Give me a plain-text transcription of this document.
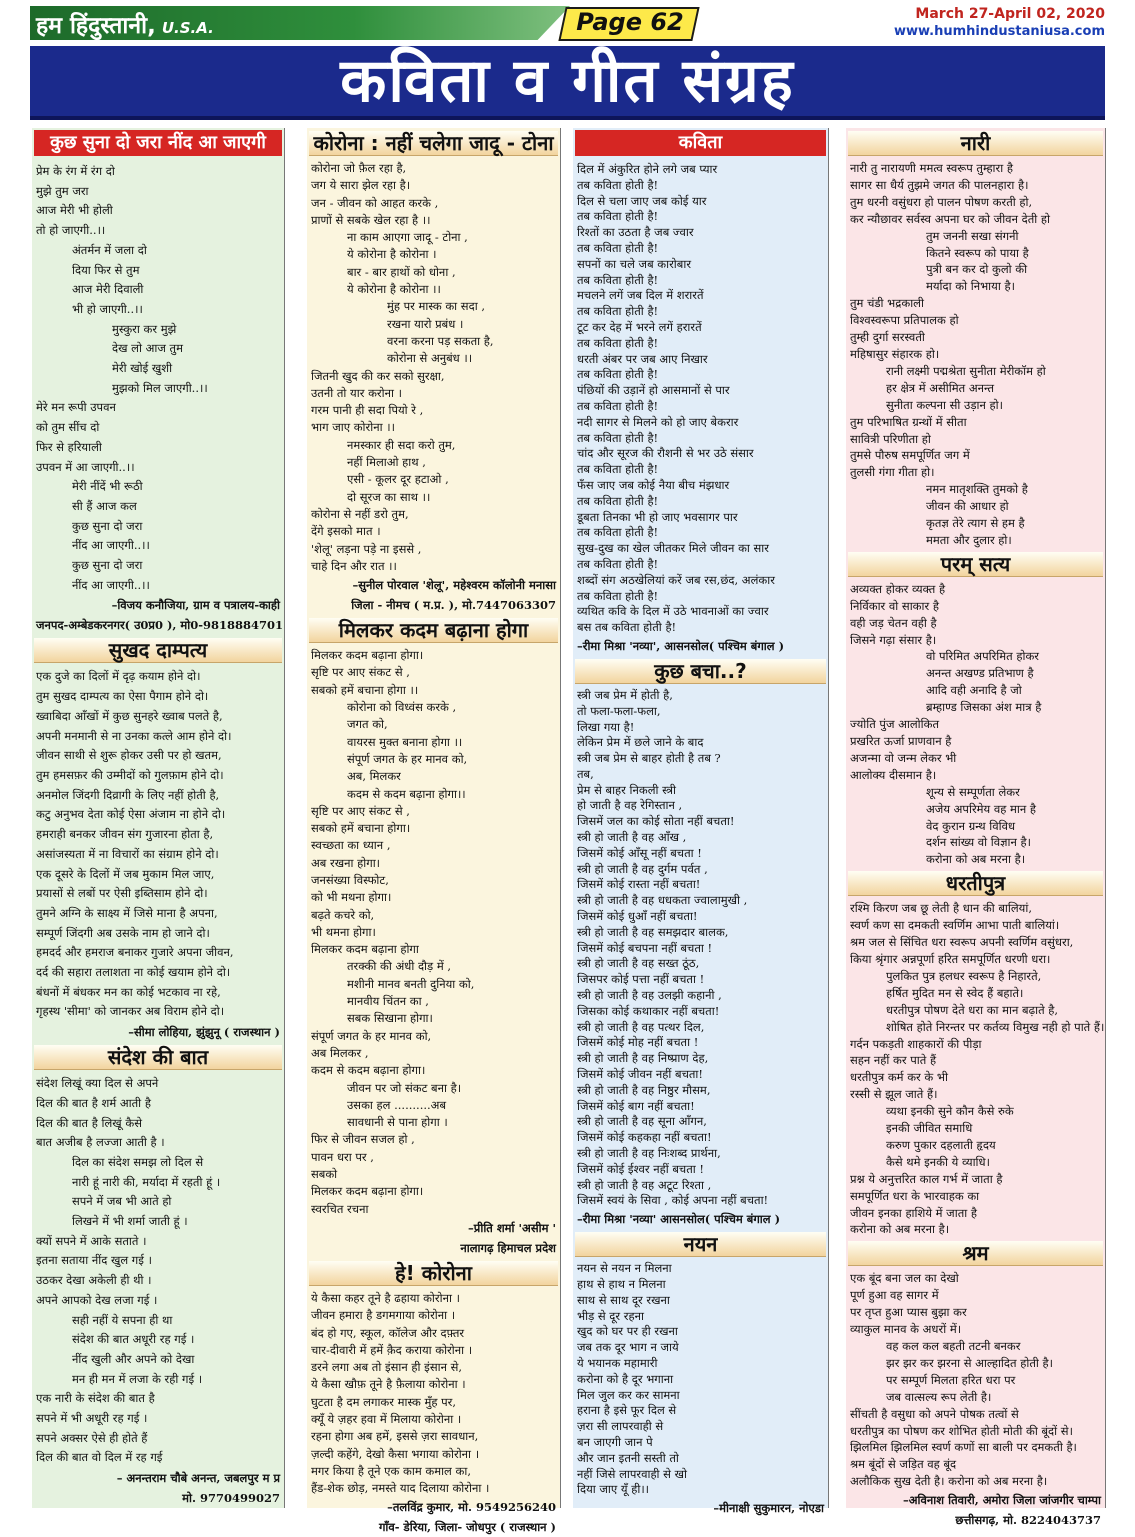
हम हिंदुस्तानी, U.S.A.	Page 62	March 27-April 02, 2020
www.humhindustaniusa.com
कविता व गीत संग्रह
कुछ सुना दो जरा नींद आ जाएगी
प्रेम के रंग में रंग दो
मुझे तुम जरा
आज मेरी भी होली
तो हो जाएगी..।।
अंतर्मन में जला दो
दिया फिर से तुम
आज मेरी दिवाली
भी हो जाएगी..।।
मुस्कुरा कर मुझे
देख लो आज तुम
मेरी खोई खुशी
मुझको मिल जाएगी..।।
मेरे मन रूपी उपवन
को तुम सींच दो
फिर से हरियाली
उपवन में आ जाएगी..।।
मेरी नींदें भी रूठी
सी हैं आज कल
कुछ सुना दो जरा
नींद आ जाएगी..।।
कुछ सुना दो जरा
नींद आ जाएगी..।।
–विजय कनौजिया, ग्राम व पत्रालय-काही
जनपद-अम्बेडकरनगर( उ0प्र0 ), मो0-9818884701
सुखद दाम्पत्य
एक दुजे का दिलों में दृढ़ कयाम होने दो।
तुम सुखद दाम्पत्य का ऐसा पैगाम होने दो।
ख्वाबिदा आँखों में कुछ सुनहरे ख्वाब पलते है,
अपनी मनमानी से ना उनका कत्ले आम होने दो।
जीवन साथी से शुरू होकर उसी पर हो खतम,
तुम हमसफ़र की उम्मीदों को गुलफ़ाम होने दो।
अनमोल जिंदगी दिव्रागी के लिए नहीं होती है,
कटु अनुभव देता कोई ऐसा अंजाम ना होने दो।
हमराही बनकर जीवन संग गुजारना होता है,
असांजस्यता में ना विचारों का संग्राम होने दो।
एक दूसरे के दिलों में जब मुकाम मिल जाए,
प्रयासों से लबों पर ऐसी इब्तिसाम होने दो।
तुमने अग्नि के साक्ष्य में जिसे माना है अपना,
सम्पूर्ण जिंदगी अब उसके नाम हो जाने दो।
हमदर्द और हमराज बनाकर गुजारे अपना जीवन,
दर्द की सहारा तलाशता ना कोई खयाम होने दो।
बंधनों में बंधकर मन का कोई भटकाव ना रहे,
गृहस्थ 'सीमा' को जानकर अब विराम होने दो।
–सीमा लोहिया, झुंझुनू ( राजस्थान )
संदेश की बात
संदेश लिखूं क्या दिल से अपने
दिल की बात है शर्म आती है
दिल की बात है लिखूं कैसे
बात अजीब है लज्जा आती है ।
दिल का संदेश समझ लो दिल से
नारी हूं नारी की, मर्यादा में रहती हूं ।
सपने में जब भी आते हो
लिखने में भी शर्मा जाती हूं ।
क्यों सपने में आके सताते ।
इतना सताया नींद खुल गई ।
उठकर देखा अकेली ही थी ।
अपने आपको देख लजा गई ।
सही नहीं ये सपना ही था
संदेश की बात अधूरी रह गई ।
नींद खुली और अपने को देखा
मन ही मन में लजा के रही गई ।
एक नारी के संदेश की बात है
सपने में भी अधूरी रह गई ।
सपने अक्सर ऐसे ही होते हैं
दिल की बात वो दिल में रह गई
– अनन्तराम चौबे अनन्त, जबलपुर म प्र
मो. 9770499027
कोरोना : नहीं चलेगा जादू - टोना
कोरोना जो फ़ैल रहा है,
जग ये सारा झेल रहा है।
जन - जीवन को आहत करके ,
प्राणों से सबके खेल रहा है ।।
ना काम आएगा जादू - टोना ,
ये कोरोना है कोरोना ।
बार - बार हाथों को धोना ,
ये कोरोना है कोरोना ।।
मुंह पर मास्क का सदा ,
रखना यारो प्रबंध ।
वरना करना पड़ सकता है,
कोरोना से अनुबंध ।।
जितनी खुद की कर सको सुरक्षा,
उतनी तो यार करोना ।
गरम पानी ही सदा पियो रे ,
भाग जाए कोरोना ।।
नमस्कार ही सदा करो तुम,
नहीं मिलाओ हाथ ,
एसी - कूलर दूर हटाओ ,
दो सूरज का साथ ।।
कोरोना से नहीं डरो तुम,
देंगे इसको मात ।
'शेलू' लड़ना पड़े ना इससे ,
चाहे दिन और रात ।।
–सुनील पोरवाल 'शेलू', महेश्वरम कॉलोनी मनासा
जिला - नीमच ( म.प्र. ), मो.7447063307
मिलकर कदम बढ़ाना होगा
मिलकर कदम बढ़ाना होगा।
सृष्टि पर आए संकट से ,
सबको हमें बचाना होगा ।।
कोरोना को विध्वंस करके ,
जगत को,
वायरस मुक्त बनाना होगा ।।
संपूर्ण जगत के हर मानव को,
अब, मिलकर
कदम से कदम बढ़ाना होगा।।
सृष्टि पर आए संकट से ,
सबको हमें बचाना होगा।
स्वच्छता का ध्यान ,
अब रखना होगा।
जनसंख्या विस्फोट,
को भी मथना होगा।
बढ़ते कचरे को,
भी थमना होगा।
मिलकर कदम बढ़ाना होगा
तरक्की की अंधी दौड़ में ,
मशीनी मानव बनती दुनिया को,
मानवीय चिंतन का ,
सबक सिखाना होगा।
संपूर्ण जगत के हर मानव को,
अब मिलकर ,
कदम से कदम बढ़ाना होगा।
जीवन पर जो संकट बना है।
उसका हल ..........अब
सावधानी से पाना होगा ।
फिर से जीवन सजल हो ,
पावन धरा पर ,
सबको
मिलकर कदम बढ़ाना होगा।
स्वरचित रचना
–प्रीति शर्मा 'असीम '
नालागढ़ हिमाचल प्रदेश
हे! कोरोना
ये कैसा कहर तूने है ढहाया कोरोना ।
जीवन हमारा है डगमगाया कोरोना ।
बंद हो गए, स्कूल, कॉलेज और दफ़्तर
चार-दीवारी में हमें क़ैद कराया कोरोना ।
डरने लगा अब तो इंसान ही इंसान से,
ये कैसा खौफ़ तूने है फ़ैलाया कोरोना ।
घुटता है दम लगाकर मास्क मुँह पर,
क्यूँ ये ज़हर हवा में मिलाया कोरोना ।
रहना होगा अब हमें, इससे ज़रा सावधान,
ज़ल्दी कहेंगे, देखो कैसा भगाया कोरोना ।
मगर किया है तूने एक काम कमाल का,
हैंड-शेक छोड़, नमस्ते याद दिलाया कोरोना ।
–तलविंद्र कुमार, मो. 9549256240
गाँव- डेरिया, जिला- जोधपुर ( राजस्थान )
कविता
दिल में अंकुरित होने लगे जब प्यार
तब कविता होती है!
दिल से चला जाए जब कोई यार
तब कविता होती है!
रिश्तों का उठता है जब ज्वार
तब कविता होती है!
सपनों का चले जब कारोबार
तब कविता होती है!
मचलने लगें जब दिल में शरारतें
तब कविता होती है!
टूट कर देह में भरने लगें हरारतें
तब कविता होती है!
धरती अंबर पर जब आए निखार
तब कविता होती है!
पंछियों की उड़ानें हो आसमानों से पार
तब कविता होती है!
नदी सागर से मिलने को हो जाए बेकरार
तब कविता होती है!
चांद और सूरज की रौशनी से भर उठे संसार
तब कविता होती है!
फँस जाए जब कोई नैया बीच मंझधार
तब कविता होती है!
डूबता तिनका भी हो जाए भवसागर पार
तब कविता होती है!
सुख-दुख का खेल जीतकर मिले जीवन का सार
तब कविता होती है!
शब्दों संग अठखेलियां करें जब रस,छंद, अलंकार
तब कविता होती है!
व्यथित कवि के दिल में उठे भावनाओं का ज्वार
बस तब कविता होती है!
–रीमा मिश्रा 'नव्या', आसनसोल( पश्चिम बंगाल )
कुछ बचा..?
स्त्री जब प्रेम में होती है,
तो फला-फला-फला,
लिखा गया है!
लेकिन प्रेम में छले जाने के बाद
स्त्री जब प्रेम से बाहर होती है तब ?
तब,
प्रेम से बाहर निकली स्त्री
हो जाती है वह रेगिस्तान ,
जिसमें जल का कोई सोता नहीं बचता!
स्त्री हो जाती है वह आँख ,
जिसमें कोई आँसू नहीं बचता !
स्त्री हो जाती है वह दुर्गम पर्वत ,
जिसमें कोई रास्ता नहीं बचता!
स्त्री हो जाती है वह धधकता ज्वालामुखी ,
जिसमें कोई धुआँ नहीं बचता!
स्त्री हो जाती है वह समझदार बालक,
जिसमें कोई बचपना नहीं बचता !
स्त्री हो जाती है वह सख्त ठूंठ,
जिसपर कोई पत्ता नहीं बचता !
स्त्री हो जाती है वह उलझी कहानी ,
जिसका कोई कथाकार नहीं बचता!
स्त्री हो जाती है वह पत्थर दिल,
जिसमें कोई मोह नहीं बचता !
स्त्री हो जाती है वह निष्प्राण देह,
जिसमें कोई जीवन नहीं बचता!
स्त्री हो जाती है वह निष्ठुर मौसम,
जिसमें कोई बाग नहीं बचता!
स्त्री हो जाती है वह सूना आँगन,
जिसमें कोई कहकहा नहीं बचता!
स्त्री हो जाती है वह निःशब्द प्रार्थना,
जिसमें कोई ईश्वर नहीं बचता !
स्त्री हो जाती है वह अटूट रिश्ता ,
जिसमें स्वयं के सिवा , कोई अपना नहीं बचता!
–रीमा मिश्रा 'नव्या' आसनसोल( पश्चिम बंगाल )
नयन
नयन से नयन न मिलना
हाथ से हाथ न मिलना
साथ से साथ दूर रखना
भीड़ से दूर रहना
खुद को घर पर ही रखना
जब तक दूर भाग न जाये
ये भयानक महामारी
करोना को है दूर भगाना
मिल जुल कर कर सामना
हराना है इसे फूर दिल से
ज़रा सी लापरवाही से
बन जाएगी जान पे
और जान इतनी सस्ती तो
नहीं जिसे लापरवाही से खो
दिया जाए यूँ ही।।
–मीनाक्षी सुकुमारन, नोएडा
नारी
नारी तु नारायणी ममत्व स्वरूप तुम्हारा है
सागर सा धैर्य तुझमे जगत की पालनहारा है।
तुम धरनी वसुंधरा हो पालन पोषण करती हो,
कर न्यौछावर सर्वस्व अपना घर को जीवन देती हो
तुम जननी सखा संगनी
कितने स्वरूप को पाया है
पुत्री बन कर दो कुलो की
मर्यादा को निभाया है।
तुम चंडी भद्रकाली
विश्वस्वरूपा प्रतिपालक हो
तुम्ही दुर्गा सरस्वती
महिषासुर संहारक हो।
रानी लक्ष्मी पद्मश्रेता सुनीता मेरीकॉम हो
हर क्षेत्र में असीमित अनन्त
सुनीता कल्पना सी उड़ान हो।
तुम परिभाषित ग्रन्थों में सीता
सावित्री परिणीता हो
तुमसे पौरुष समपूर्णित जग में
तुलसी गंगा गीता हो।
नमन मातृशक्ति तुमको है
जीवन की आधार हो
कृतज्ञ तेरे त्याग से हम है
ममता और दुलार हो।
परम् सत्य
अव्यक्त होकर व्यक्त है
निर्विकार वो साकार है
वही जड़ चेतन वही है
जिसने गढ़ा संसार है।
वो परिमित अपरिमित होकर
अनन्त अखण्ड प्रतिभाण है
आदि वही अनादि है जो
ब्रम्हाण्ड जिसका अंश मात्र है
ज्योति पुंज आलोकित
प्रखरित ऊर्जा प्राणवान है
अजन्मा वो जन्म लेकर भी
आलोक्य दीसमान है।
शून्य से सम्पूर्णता लेकर
अजेय अपरिमेय वह मान है
वेद कुरान ग्रन्थ विविध
दर्शन सांख्य वो विज्ञान है।
करोना को अब मरना है।
धरतीपुत्र
रश्मि किरण जब छू लेती है धान की बालियां,
स्वर्ण कण सा दमकती स्वर्णिम आभा पाती बालियां।
श्रम जल से सिंचित धरा स्वरूप अपनी स्वर्णिम वसुंधरा,
किया श्रृंगार अन्नपूर्णा हरित समपूर्णित धरणी धरा।
पुलकित पुत्र हलधर स्वरूप है निहारते,
हर्षित मुदित मन से स्वेद हैं बहाते।
धरतीपुत्र पोषण देते धरा का मान बढ़ाते है,
शोषित होते निरन्तर पर कर्तव्य विमुख नही हो पाते हैं।
गर्दन पकड़ती शाहकारों की पीड़ा
सहन नहीं कर पाते हैं
धरतीपुत्र कर्म कर के भी
रस्सी से झूल जाते हैं।
व्यथा इनकी सुने कौन कैसे रुके
इनकी जीवित समाधि
करुण पुकार दहलाती हृदय
कैसे थमे इनकी ये व्याधि।
प्रश्न ये अनुत्तरित काल गर्भ में जाता है
समपूर्णित धरा के भारवाहक का
जीवन इनका हाशिये में जाता है
करोना को अब मरना है।
श्रम
एक बूंद बना जल का देखो
पूर्ण हुआ वह सागर में
पर तृप्त हुआ प्यास बुझा कर
व्याकुल मानव के अधरों में।
वह कल कल बहती तटनी बनकर
झर झर कर झरना से आल्हादित होती है।
पर सम्पूर्ण मिलता हरित धरा पर
जब वात्सल्य रूप लेती है।
सींचती है वसुधा को अपने पोषक तत्वों से
धरतीपुत्र का पोषण कर शोभित होती मोती की बूंदों से।
झिलमिल झिलमिल स्वर्ण कणों सा बाली पर दमकती है।
श्रम बूंदों से जड़ित वह बूंद
अलौकिक सुख देती है। करोना को अब मरना है।
–अविनाश तिवारी, अमोरा जिला जांजगीर चाम्पा
छत्तीसगढ़, मो. 8224043737
